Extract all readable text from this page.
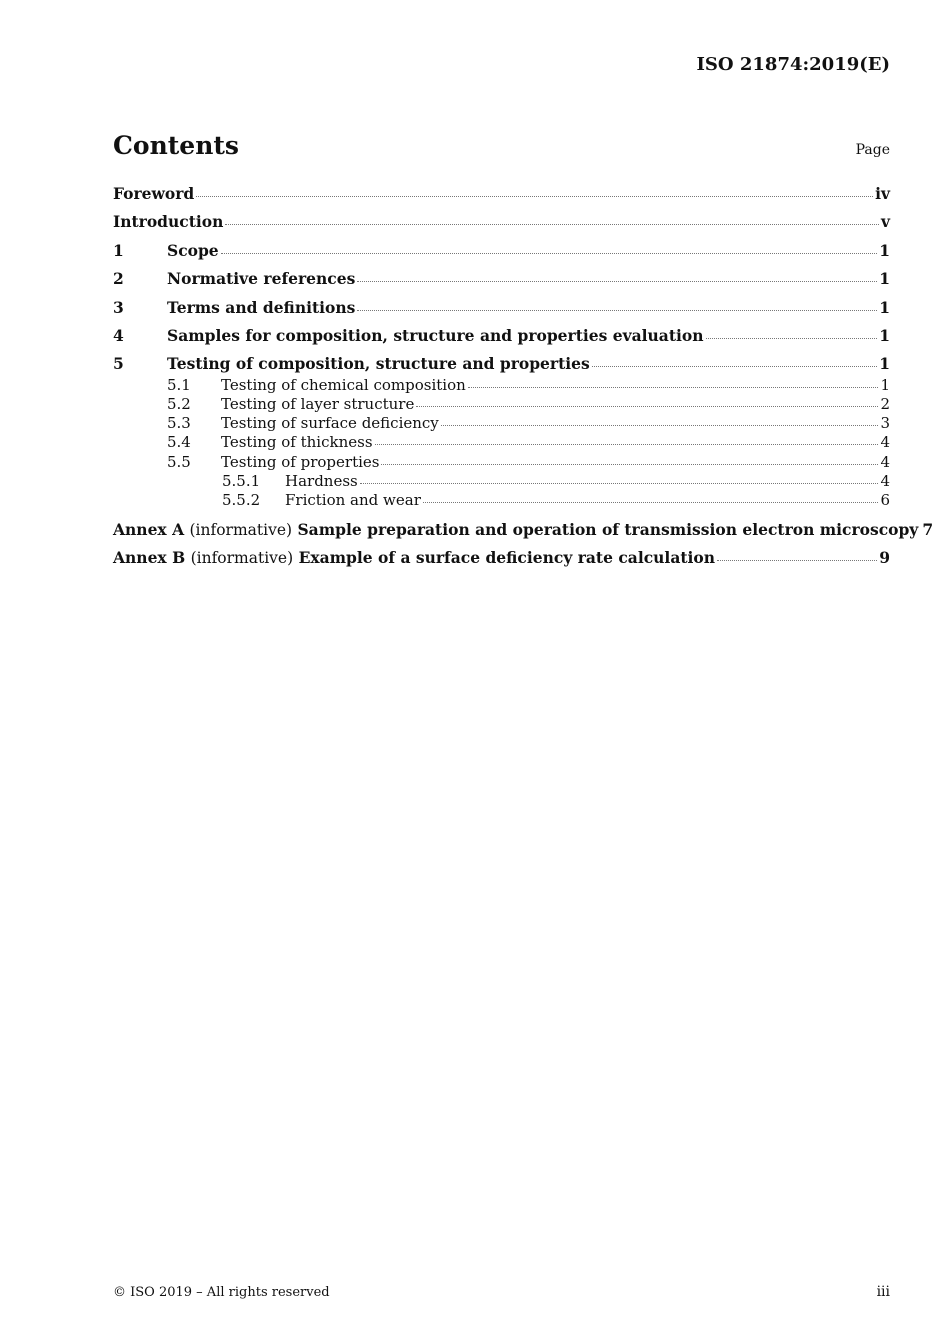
ISO 21874:2019(E)
Contents	Page
Foreword	iv
Introduction	v
1	Scope	1
2	Normative references	1
3	Terms and definitions	1
4	Samples for composition, structure and properties evaluation	1
5	Testing of composition, structure and properties	1
5.1	Testing of chemical composition	1
5.2	Testing of layer structure	2
5.3	Testing of surface deficiency	3
5.4	Testing of thickness	4
5.5	Testing of properties	4
5.5.1	Hardness	4
5.5.2	Friction and wear	6
Annex A (informative) Sample preparation and operation of transmission electron microscopy 7
Annex B (informative) Example of a surface deficiency rate calculation	9
© ISO 2019 – All rights reserved	iii
